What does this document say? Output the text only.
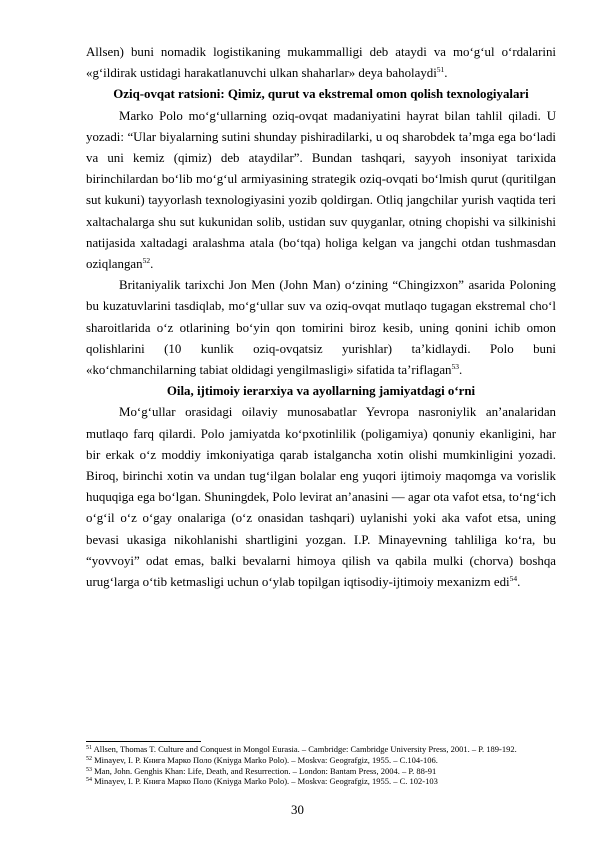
Allsen) buni nomadik logistikaning mukammalligi deb ataydi va mo‘g‘ul o‘rdalarini «g‘ildirak ustidagi harakatlanuvchi ulkan shaharlar» deya baholaydi$^{51}$.

Oziq-ovqat ratsioni: Qimiz, qurut va ekstremal omon qolish texnologiyalari

Marko Polo mo‘g‘ullarning oziq-ovqat madaniyatini hayrat bilan tahlil qiladi. U yozadi: “Ular biyalarning sutini shunday pishiradilarki, u oq sharobdek ta’mga ega bo‘ladi va uni kemiz (qimiz) deb ataydilar”. Bundan tashqari, sayyoh insoniyat tarixida birinchilardan bo‘lib mo‘g‘ul armiyasining strategik oziq-ovqati bo‘lmish qurut (quritilgan sut kukuni) tayyorlash texnologiyasini yozib qoldirgan. Otliq jangchilar yurish vaqtida teri xaltachalarga shu sut kukunidan solib, ustidan suv quyganlar, otning chopishi va silkinishi natijasida xaltadagi aralashma atala (bo‘tqa) holiga kelgan va jangchi otdan tushmasdan oziqlangan$^{52}$.

Britaniyalik tarixchi Jon Men (John Man) o‘zining “Chingizxon” asarida Poloning bu kuzatuvlarini tasdiqlab, mo‘g‘ullar suv va oziq-ovqat mutlaqo tugagan ekstremal cho‘l sharoitlarida o‘z otlarining bo‘yin qon tomirini biroz kesib, uning qonini ichib omon qolishlarini (10 kunlik oziq-ovqatsiz yurishlar) ta’kidlaydi. Polo buni «ko‘chmanchilarning tabiat oldidagi yengilmasligi» sifatida ta’riflagan$^{53}$.

Oila, ijtimoiy ierarxiya va ayollarning jamiyatdagi o‘rni

Mo‘g‘ullar orasidagi oilaviy munosabatlar Yevropa nasroniylik an’analaridan mutlaqo farq qilardi. Polo jamiyatda ko‘pxotinlilik (poligamiya) qonuniy ekanligini, har bir erkak o‘z moddiy imkoniyatiga qarab istalgancha xotin olishi mumkinligini yozadi. Biroq, birinchi xotin va undan tug‘ilgan bolalar eng yuqori ijtimoiy maqomga va vorislik huquqiga ega bo‘lgan. Shuningdek, Polo levirat an’anasini — agar ota vafot etsa, to‘ng‘ich o‘g‘il o‘z o‘gay onalariga (o‘z onasidan tashqari) uylanishi yoki aka vafot etsa, uning bevasi ukasiga nikohlanishi shartligini yozgan. I.P. Minayevning tahliliga ko‘ra, bu “yovvoyi” odat emas, balki bevalarni himoya qilish va qabila mulki (chorva) boshqa urug‘larga o‘tib ketmasligi uchun o‘ylab topilgan iqtisodiy-ijtimoiy mexanizm edi$^{54}$.

$^{51}$ Allsen, Thomas T. Culture and Conquest in Mongol Eurasia. – Cambridge: Cambridge University Press, 2001. – P. 189-192.

$^{52}$ Minayev, I. P. Книга Марко Поло (Kniyga Marko Polo). – Moskva: Geografgiz, 1955. – C.104-106.

$^{53}$ Man, John. Genghis Khan: Life, Death, and Resurrection. – London: Bantam Press, 2004. – P. 88-91

$^{54}$ Minayev, I. P. Книга Марко Поло (Kniyga Marko Polo). – Moskva: Geografgiz, 1955. – C. 102-103

30
